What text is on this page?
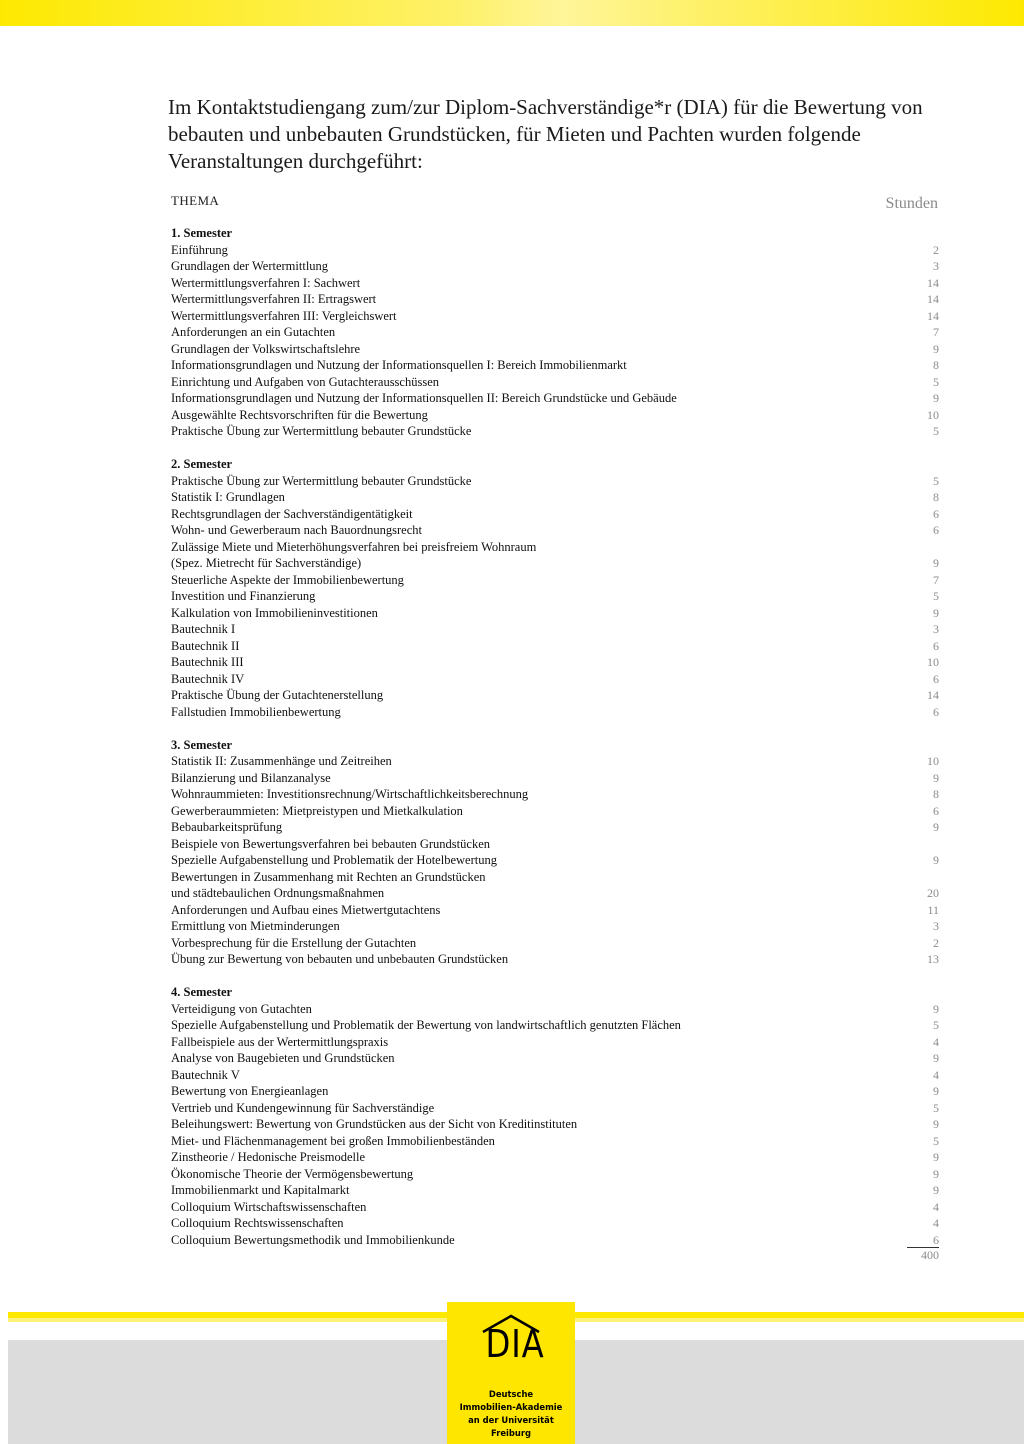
Im Kontaktstudiengang zum/zur Diplom-Sachverständige*r (DIA) für die Bewertung von bebauten und unbebauten Grundstücken, für Mieten und Pachten wurden folgende Veranstaltungen durchgeführt:
THEMA	Stunden
1. Semester
Einführung	2
Grundlagen der Wertermittlung	3
Wertermittlungsverfahren I: Sachwert	14
Wertermittlungsverfahren II: Ertragswert	14
Wertermittlungsverfahren III: Vergleichswert	14
Anforderungen an ein Gutachten	7
Grundlagen der Volkswirtschaftslehre	9
Informationsgrundlagen und Nutzung der Informationsquellen I: Bereich Immobilienmarkt	8
Einrichtung und Aufgaben von Gutachterausschüssen	5
Informationsgrundlagen und Nutzung der Informationsquellen II: Bereich Grundstücke und Gebäude	9
Ausgewählte Rechtsvorschriften für die Bewertung	10
Praktische Übung zur Wertermittlung bebauter Grundstücke	5
2. Semester
Praktische Übung zur Wertermittlung bebauter Grundstücke	5
Statistik I: Grundlagen	8
Rechtsgrundlagen der Sachverständigentätigkeit	6
Wohn- und Gewerberaum nach Bauordnungsrecht	6
Zulässige Miete und Mieterhöhungsverfahren bei preisfreiem Wohnraum
(Spez. Mietrecht für Sachverständige)	9
Steuerliche Aspekte der Immobilienbewertung	7
Investition und Finanzierung	5
Kalkulation von Immobilieninvestitionen	9
Bautechnik I	3
Bautechnik II	6
Bautechnik III	10
Bautechnik IV	6
Praktische Übung der Gutachtenerstellung	14
Fallstudien Immobilienbewertung	6
3. Semester
Statistik II: Zusammenhänge und Zeitreihen	10
Bilanzierung und Bilanzanalyse	9
Wohnraummieten: Investitionsrechnung/Wirtschaftlichkeitsberechnung	8
Gewerberaummieten: Mietpreistypen und Mietkalkulation	6
Bebaubarkeitsprüfung	9
Beispiele von Bewertungsverfahren bei bebauten Grundstücken
Spezielle Aufgabenstellung und Problematik der Hotelbewertung	9
Bewertungen in Zusammenhang mit Rechten an Grundstücken
und städtebaulichen Ordnungsmaßnahmen	20
Anforderungen und Aufbau eines Mietwertgutachtens	11
Ermittlung von Mietminderungen	3
Vorbesprechung für die Erstellung der Gutachten	2
Übung zur Bewertung von bebauten und unbebauten Grundstücken	13
4. Semester
Verteidigung von Gutachten	9
Spezielle Aufgabenstellung und Problematik der Bewertung von landwirtschaftlich genutzten Flächen	5
Fallbeispiele aus der Wertermittlungspraxis	4
Analyse von Baugebieten und Grundstücken	9
Bautechnik V	4
Bewertung von Energieanlagen	9
Vertrieb und Kundengewinnung für Sachverständige	5
Beleihungswert: Bewertung von Grundstücken aus der Sicht von Kreditinstituten	9
Miet- und Flächenmanagement bei großen Immobilienbeständen	5
Zinstheorie / Hedonische Preismodelle	9
Ökonomische Theorie der Vermögensbewertung	9
Immobilienmarkt und Kapitalmarkt	9
Colloquium Wirtschaftswissenschaften	4
Colloquium Rechtswissenschaften	4
Colloquium Bewertungsmethodik und Immobilienkunde	6
400
DIA
Deutsche
Immobilien-Akademie
an der Universität Freiburg
